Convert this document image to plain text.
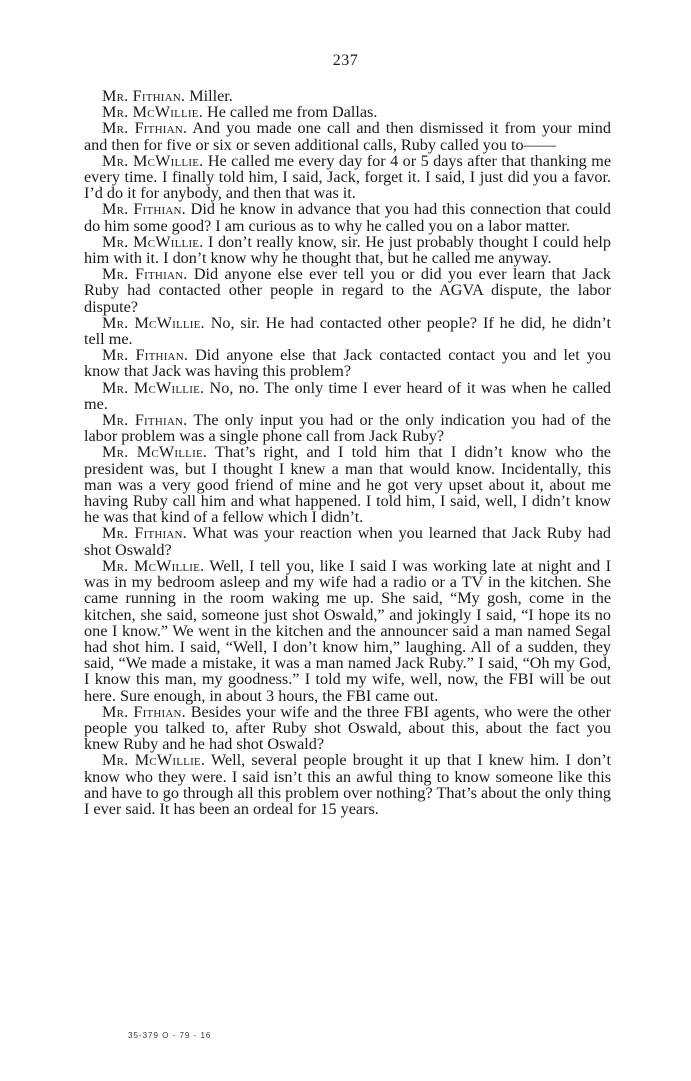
237

Mr. Fithian. Miller.

Mr. McWillie. He called me from Dallas.

Mr. Fithian. And you made one call and then dismissed it from your mind and then for five or six or seven additional calls, Ruby called you to——

Mr. McWillie. He called me every day for 4 or 5 days after that thanking me every time. I finally told him, I said, Jack, forget it. I said, I just did you a favor. I’d do it for anybody, and then that was it.

Mr. Fithian. Did he know in advance that you had this connection that could do him some good? I am curious as to why he called you on a labor matter.

Mr. McWillie. I don’t really know, sir. He just probably thought I could help him with it. I don’t know why he thought that, but he called me anyway.

Mr. Fithian. Did anyone else ever tell you or did you ever learn that Jack Ruby had contacted other people in regard to the AGVA dispute, the labor dispute?

Mr. McWillie. No, sir. He had contacted other people? If he did, he didn’t tell me.

Mr. Fithian. Did anyone else that Jack contacted contact you and let you know that Jack was having this problem?

Mr. McWillie. No, no. The only time I ever heard of it was when he called me.

Mr. Fithian. The only input you had or the only indication you had of the labor problem was a single phone call from Jack Ruby?

Mr. McWillie. That’s right, and I told him that I didn’t know who the president was, but I thought I knew a man that would know. Incidentally, this man was a very good friend of mine and he got very upset about it, about me having Ruby call him and what happened. I told him, I said, well, I didn’t know he was that kind of a fellow which I didn’t.

Mr. Fithian. What was your reaction when you learned that Jack Ruby had shot Oswald?

Mr. McWillie. Well, I tell you, like I said I was working late at night and I was in my bedroom asleep and my wife had a radio or a TV in the kitchen. She came running in the room waking me up. She said, “My gosh, come in the kitchen, she said, someone just shot Oswald,” and jokingly I said, “I hope its no one I know.” We went in the kitchen and the announcer said a man named Segal had shot him. I said, “Well, I don’t know him,” laughing. All of a sudden, they said, “We made a mistake, it was a man named Jack Ruby.” I said, “Oh my God, I know this man, my goodness.” I told my wife, well, now, the FBI will be out here. Sure enough, in about 3 hours, the FBI came out.

Mr. Fithian. Besides your wife and the three FBI agents, who were the other people you talked to, after Ruby shot Oswald, about this, about the fact you knew Ruby and he had shot Oswald?

Mr. McWillie. Well, several people brought it up that I knew him. I don’t know who they were. I said isn’t this an awful thing to know someone like this and have to go through all this problem over nothing? That’s about the only thing I ever said. It has been an ordeal for 15 years.

35-379 O - 79 - 16
